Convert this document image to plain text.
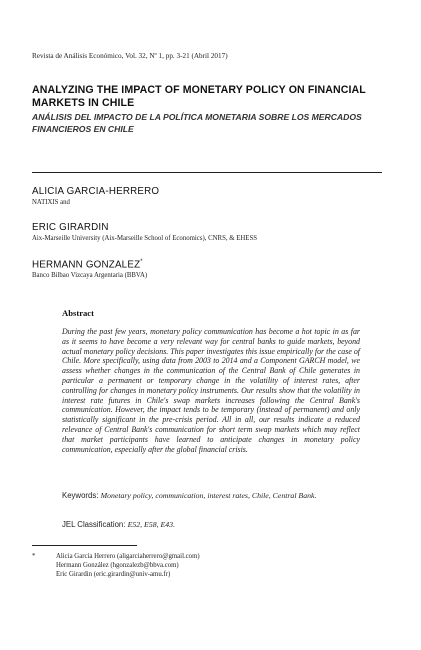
Revista de Análisis Económico, Vol. 32, Nº 1, pp. 3-21 (Abril 2017)
ANALYZING THE IMPACT OF MONETARY POLICY ON FINANCIAL MARKETS IN CHILE
ANÁLISIS DEL IMPACTO DE LA POLÍTICA MONETARIA SOBRE LOS MERCADOS FINANCIEROS EN CHILE
ALICIA GARCIA-HERRERO
NATIXIS and
ERIC GIRARDIN
Aix-Marseille University (Aix-Marseille School of Economics), CNRS, & EHESS
HERMANN GONZALEZ*
Banco Bilbao Vizcaya Argentaria (BBVA)
Abstract
During the past few years, monetary policy communication has become a hot topic in as far as it seems to have become a very relevant way for central banks to guide markets, beyond actual monetary policy decisions. This paper investigates this issue empirically for the case of Chile. More specifically, using data from 2003 to 2014 and a Component GARCH model, we assess whether changes in the communication of the Central Bank of Chile generates in particular a permanent or temporary change in the volatility of interest rates, after controlling for changes in monetary policy instruments. Our results show that the volatility in interest rate futures in Chile's swap markets increases following the Central Bank's communication. However, the impact tends to be temporary (instead of permanent) and only statistically significant in the pre-crisis period. All in all, our results indicate a reduced relevance of Central Bank's communication for short term swap markets which may reflect that market participants have learned to anticipate changes in monetary policy communication, especially after the global financial crisis.
Keywords: Monetary policy, communication, interest rates, Chile, Central Bank.
JEL Classification: E52, E58, E43.
*	Alicia García Herrero (aligarciaherrero@gmail.com)
Hermann González (hgonzalezb@bbva.com)
Eric Girardin (eric.girardin@univ-amu.fr)
